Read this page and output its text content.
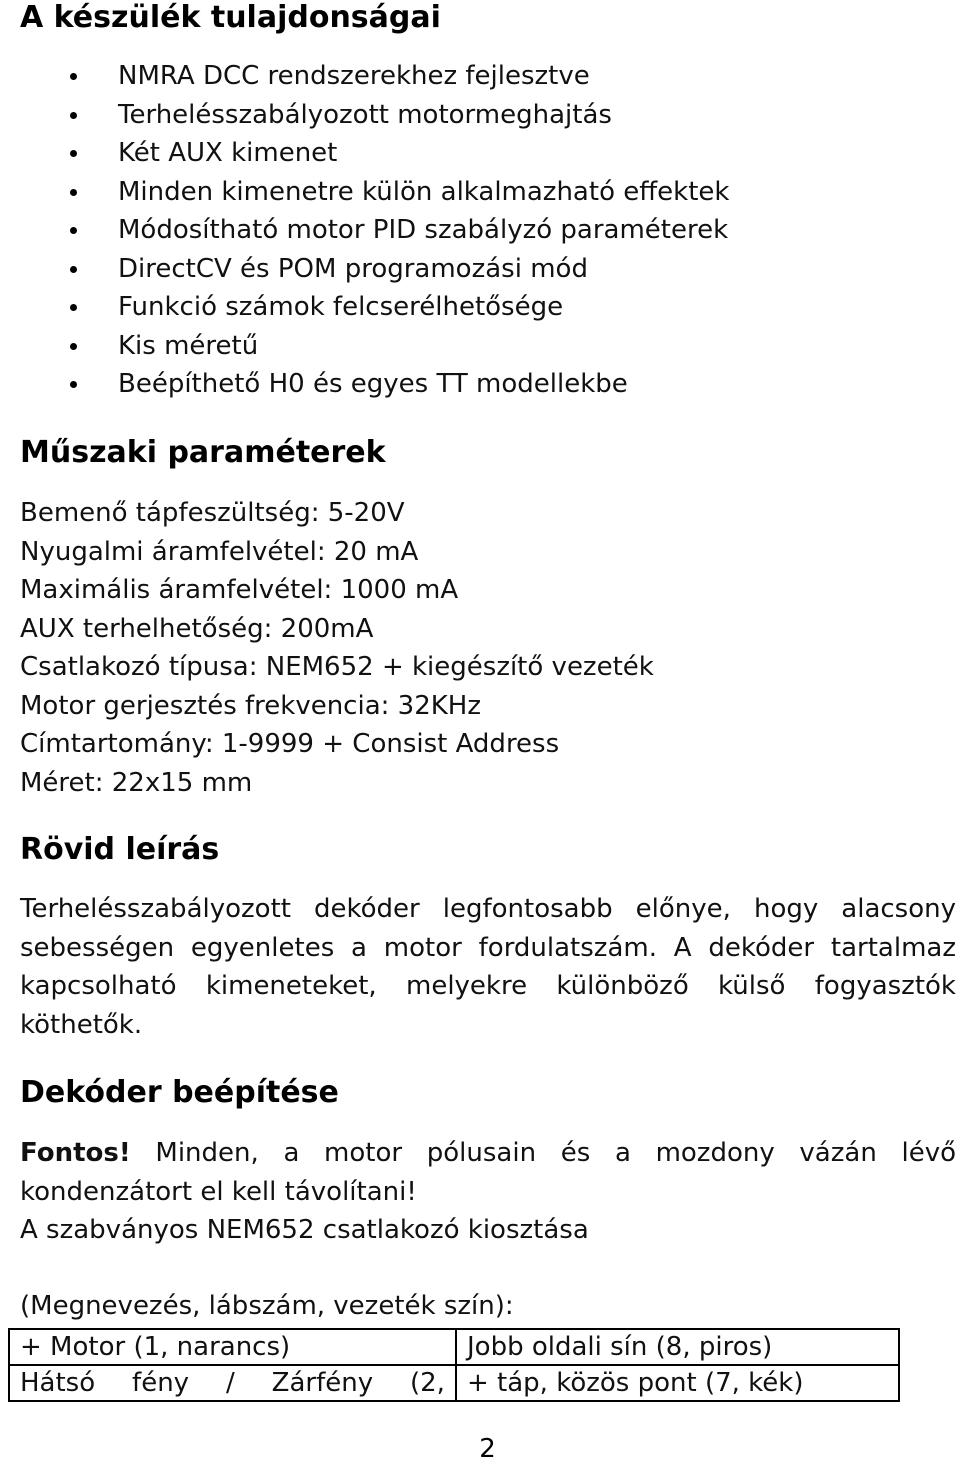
A készülék tulajdonságai
NMRA DCC rendszerekhez fejlesztve
Terhelésszabályozott motormeghajtás
Két AUX kimenet
Minden kimenetre külön alkalmazható effektek
Módosítható motor PID szabályzó paraméterek
DirectCV és POM programozási mód
Funkció számok felcserélhetősége
Kis méretű
Beépíthető H0 és egyes TT modellekbe
Műszaki paraméterek
Bemenő tápfeszültség: 5-20V
Nyugalmi áramfelvétel: 20 mA
Maximális áramfelvétel: 1000 mA
AUX terhelhetőség: 200mA
Csatlakozó típusa: NEM652 + kiegészítő vezeték
Motor gerjesztés frekvencia: 32KHz
Címtartomány: 1-9999 + Consist Address
Méret: 22x15 mm
Rövid leírás

Terhelésszabályozott dekóder legfontosabb előnye, hogy alacsony sebességen egyenletes a motor fordulatszám. A dekóder tartalmaz kapcsolható kimeneteket, melyekre különböző külső fogyasztók köthetők.

Dekóder beépítése

Fontos! Minden, a motor pólusain és a mozdony vázán lévő kondenzátort el kell távolítani!

A szabványos NEM652 csatlakozó kiosztása
(Megnevezés, lábszám, vezeték szín):
+ Motor (1, narancs)	Jobb oldali sín (8, piros)

Hátsó fény / Zárfény (2,	+ táp, közös pont (7, kék)
2
